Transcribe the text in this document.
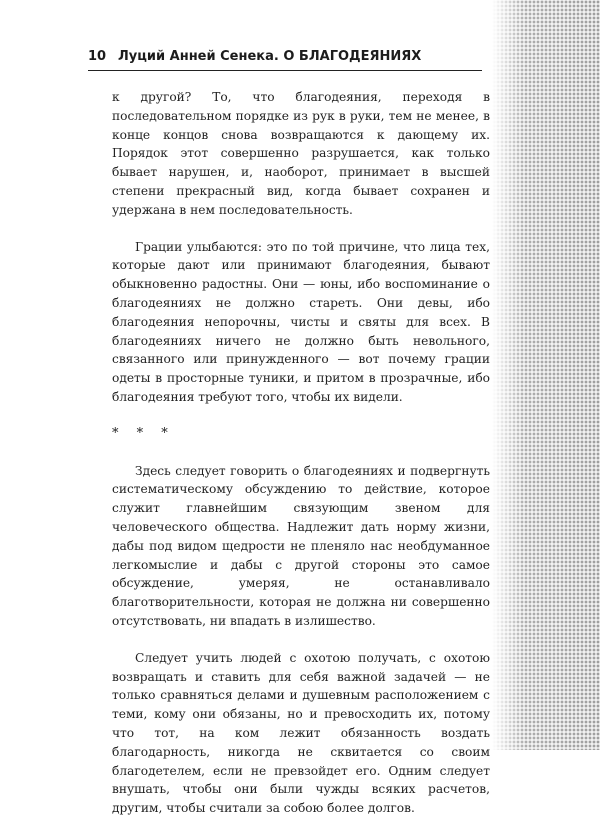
10 Луций Анней Сенека. О БЛАГОДЕЯНИЯХ

к другой? То, что благодеяния, переходя в последовательном порядке из рук в руки, тем не менее, в конце концов снова возвращаются к дающему их. Порядок этот совершенно разрушается, как только бывает нарушен, и, наоборот, принимает в высшей степени прекрасный вид, когда бывает сохранен и удержана в нем последовательность.

Грации улыбаются: это по той причине, что лица тех, которые дают или принимают благодеяния, бывают обыкновенно радостны. Они — юны, ибо воспоминание о благодеяниях не должно стареть. Они девы, ибо благодеяния непорочны, чисты и святы для всех. В благодеяниях ничего не должно быть невольного, связанного или принужденного — вот почему грации одеты в просторные туники, и притом в прозрачные, ибо благодеяния требуют того, чтобы их видели.

* * *

Здесь следует говорить о благодеяниях и подвергнуть систематическому обсуждению то действие, которое служит главнейшим связующим звеном для человеческого общества. Надлежит дать норму жизни, дабы под видом щедрости не пленяло нас необдуманное легкомыслие и дабы с другой стороны это самое обсуждение, умеряя, не останавливало благотворительности, которая не должна ни совершенно отсутствовать, ни впадать в излишество.

Следует учить людей с охотою получать, с охотою возвращать и ставить для себя важной задачей — не только сравняться делами и душевным расположением с теми, кому они обязаны, но и превосходить их, потому что тот, на ком лежит обязанность воздать благодарность, никогда не сквитается со своим благодетелем, если не превзойдет его. Одним следует внушать, чтобы они были чужды всяких расчетов, другим, чтобы считали за собою более долгов.
